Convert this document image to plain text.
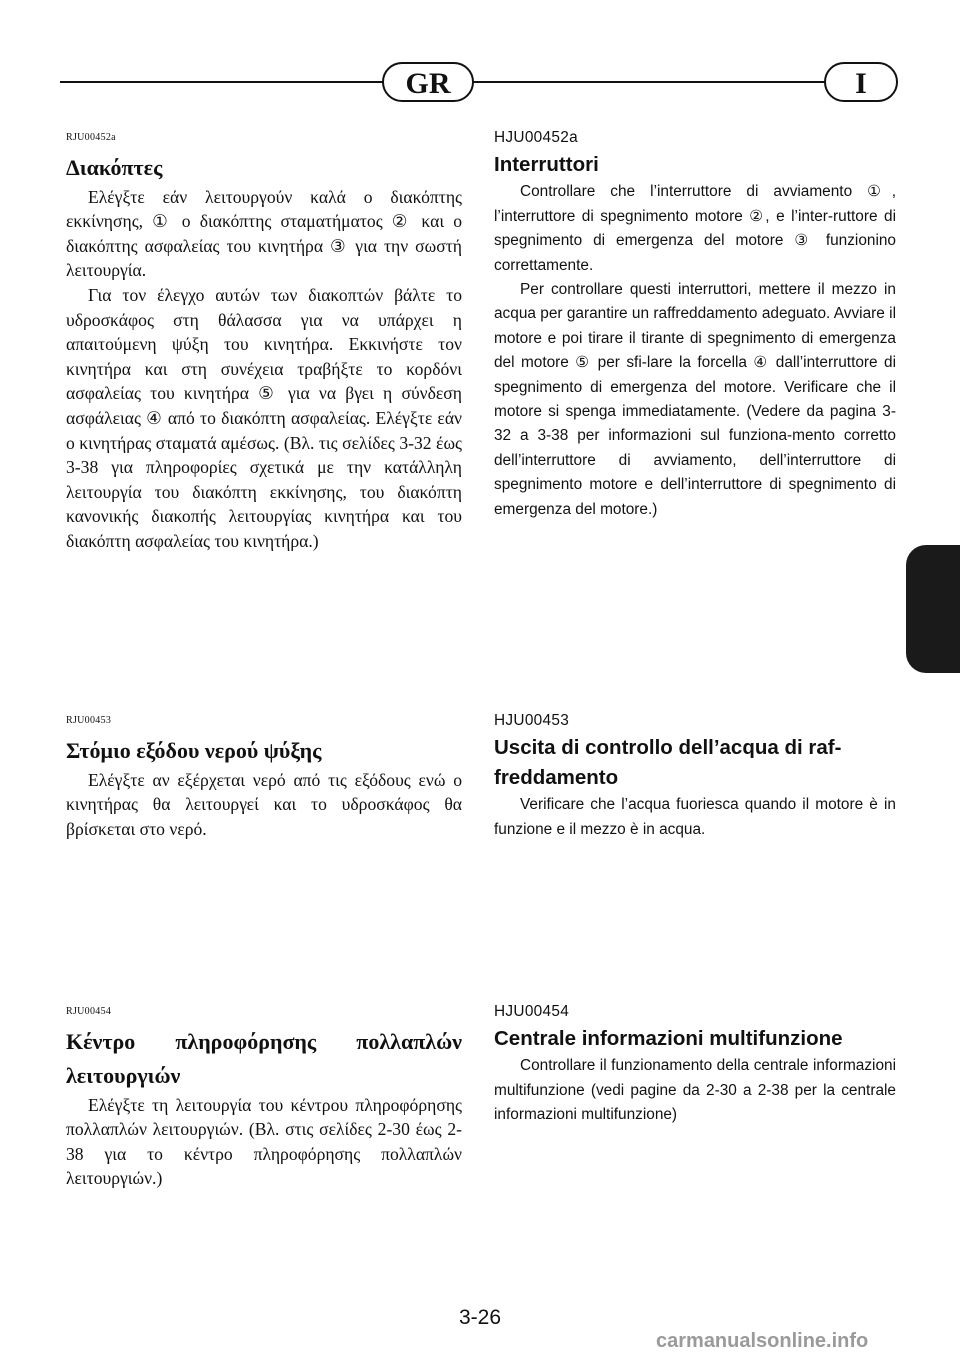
GR	I

RJU00452a

Διακόπτες

Ελέγξτε εάν λειτουργούν καλά ο διακόπτης εκκίνησης, ① ο διακόπτης σταματήματος ② και ο διακόπτης ασφαλείας του κινητήρα ③ για την σωστή λειτουργία.

Για τον έλεγχο αυτών των διακοπτών βάλτε το υδροσκάφος στη θάλασσα για να υπάρχει η απαιτούμενη ψύξη του κινητήρα. Εκκινήστε τον κινητήρα και στη συνέχεια τραβήξτε το κορδόνι ασφαλείας του κινητήρα ⑤ για να βγει η σύνδεση ασφάλειας ④ από το διακόπτη ασφαλείας. Ελέγξτε εάν ο κινητήρας σταματά αμέσως. (Βλ. τις σελίδες 3-32 έως 3-38 για πληροφορίες σχετικά με την κατάλληλη λειτουργία του διακόπτη εκκίνησης, του διακόπτη κανονικής διακοπής λειτουργίας κινητήρα και του διακόπτη ασφαλείας του κινητήρα.)

HJU00452a

Interruttori

Controllare che l’interruttore di avviamento ①, l’interruttore di spegnimento motore ②, e l’inter-ruttore di spegnimento di emergenza del motore ③ funzionino correttamente.

Per controllare questi interruttori, mettere il mezzo in acqua per garantire un raffreddamento adeguato. Avviare il motore e poi tirare il tirante di spegnimento di emergenza del motore ⑤ per sfi-lare la forcella ④ dall’interruttore di spegnimento di emergenza del motore. Verificare che il motore si spenga immediatamente. (Vedere da pagina 3-32 a 3-38 per informazioni sul funziona-mento corretto dell’interruttore di avviamento, dell’interruttore di spegnimento motore e dell’interruttore di spegnimento di emergenza del motore.)

RJU00453

Στόμιο εξόδου νερού ψύξης

Ελέγξτε αν εξέρχεται νερό από τις εξόδους ενώ ο κινητήρας θα λειτουργεί και το υδροσκάφος θα βρίσκεται στο νερό.

HJU00453

Uscita di controllo dell’acqua di raf-freddamento

Verificare che l’acqua fuoriesca quando il motore è in funzione e il mezzo è in acqua.

RJU00454

Κέντρο πληροφόρησης πολλαπλών λειτουργιών

Ελέγξτε τη λειτουργία του κέντρου πληροφόρησης πολλαπλών λειτουργιών. (Βλ. στις σελίδες 2-30 έως 2-38 για το κέντρο πληροφόρησης πολλαπλών λειτουργιών.)

HJU00454

Centrale informazioni multifunzione

Controllare il funzionamento della centrale informazioni multifunzione (vedi pagine da 2-30 a 2-38 per la centrale informazioni multifunzione)

3-26
carmanualsonline.info
